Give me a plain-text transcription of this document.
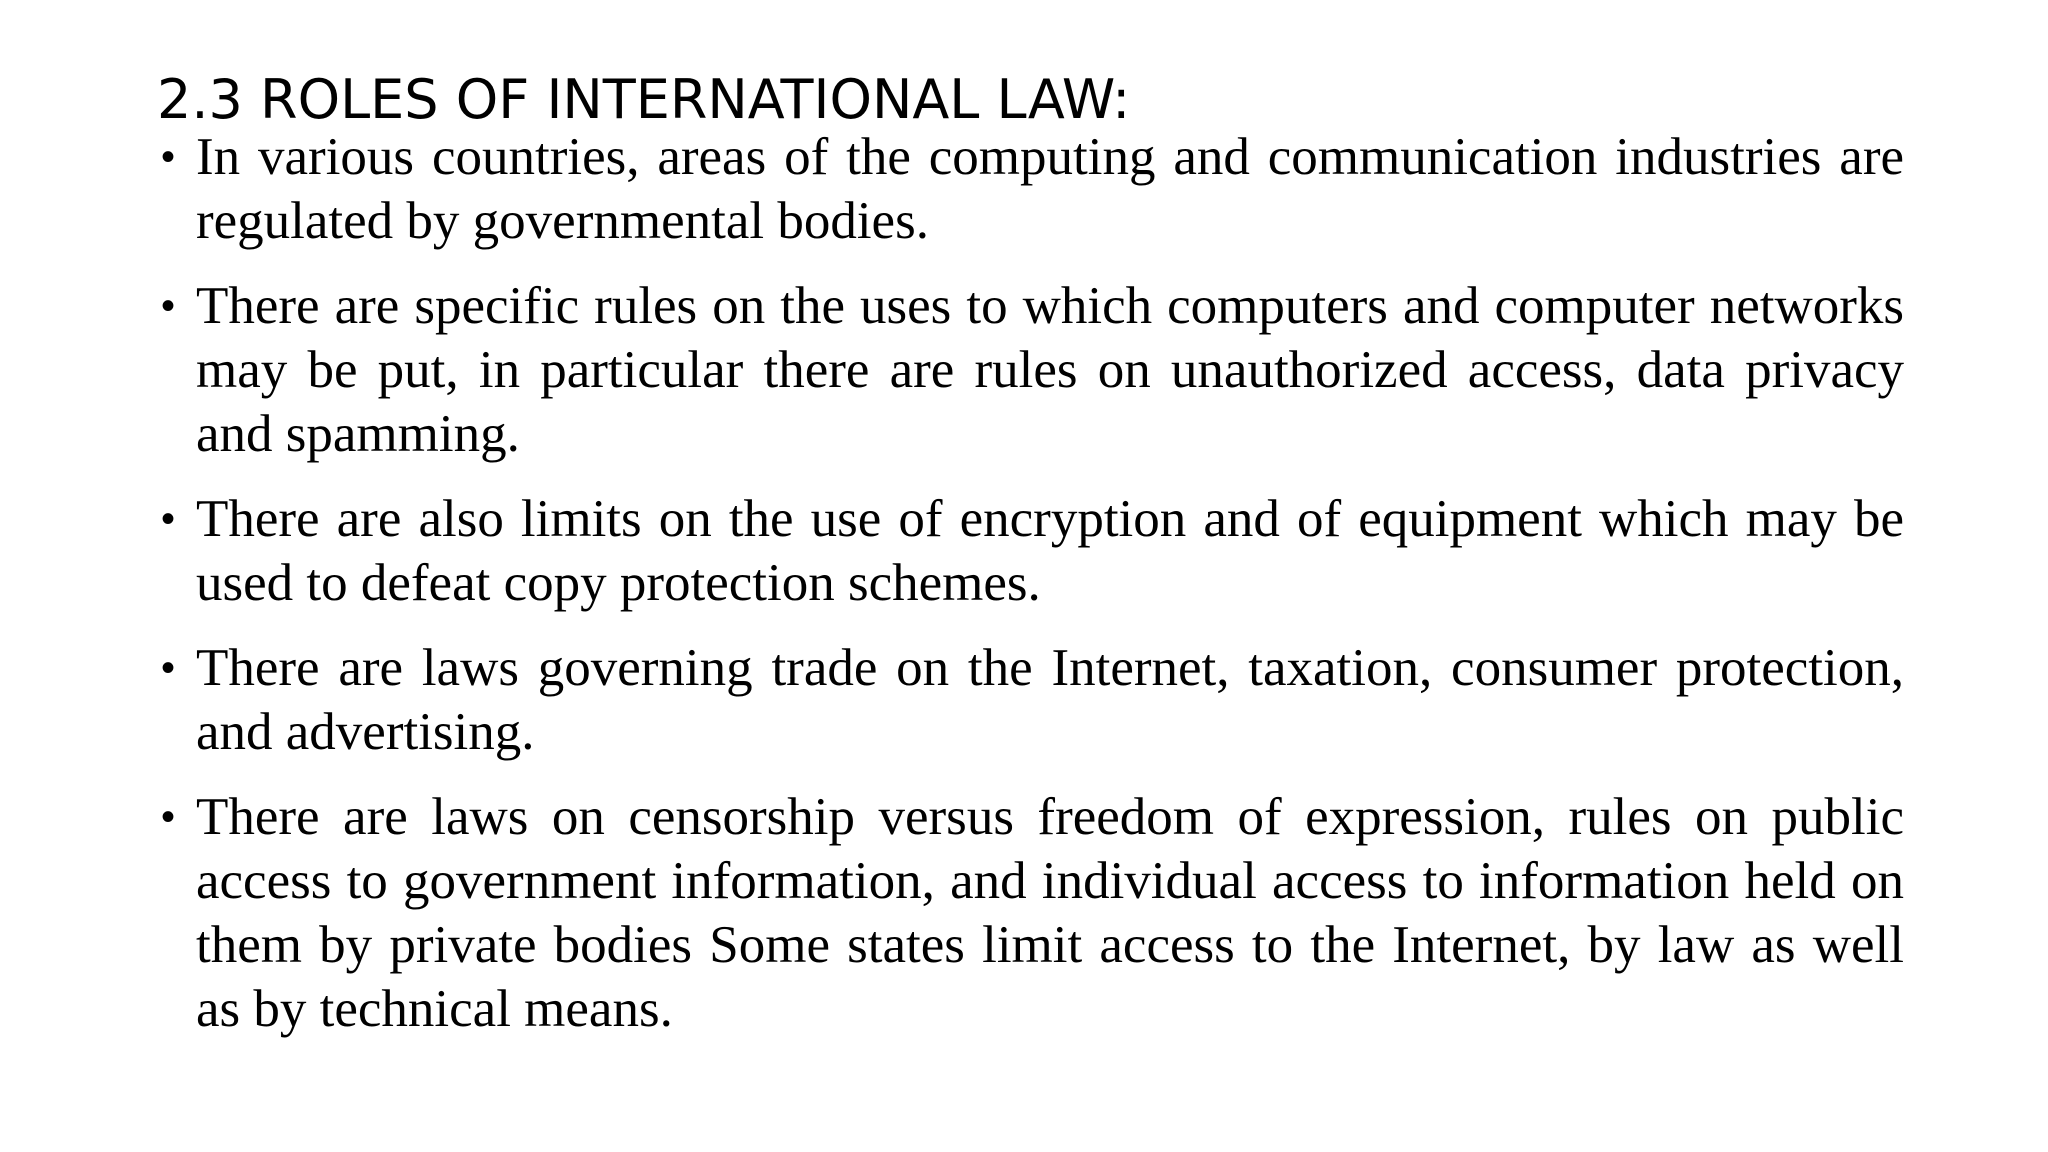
2.3 ROLES OF INTERNATIONAL LAW:
• In various countries, areas of the computing and communication industries are regulated by governmental bodies.
• There are specific rules on the uses to which computers and computer networks may be put, in particular there are rules on unauthorized access, data privacy and spamming.
• There are also limits on the use of encryption and of equipment which may be used to defeat copy protection schemes.
• There are laws governing trade on the Internet, taxation, consumer protection, and advertising.
• There are laws on censorship versus freedom of expression, rules on public access to government information, and individual access to information held on them by private bodies Some states limit access to the Internet, by law as well as by technical means.
